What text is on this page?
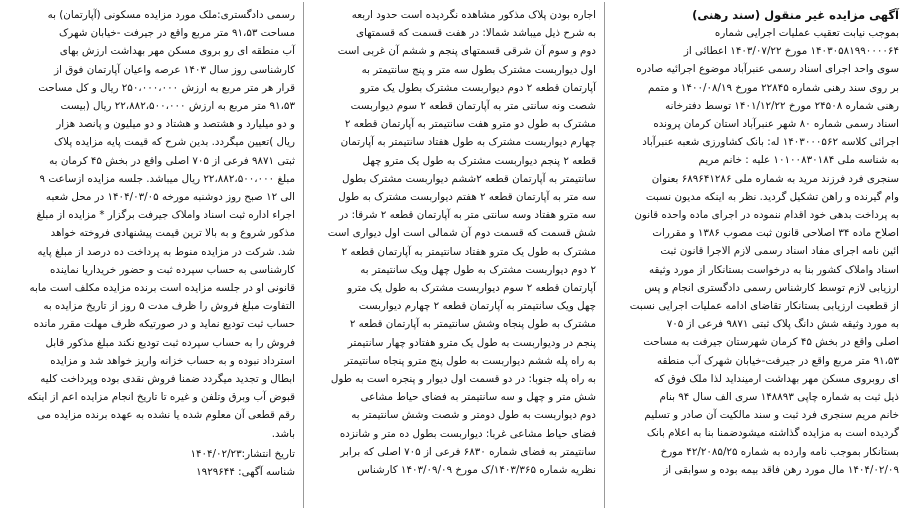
آگهی مزایده غیر منقول (سند رهنی)

بموجب نیابت تعقیب عملیات اجرایی شماره

۱۴۰۳۰۵۸۱۹۹۰۰۰۰۶۴ مورخ ۱۴۰۳/۰۷/۲۲ اعطائی از

سوی واحد اجرای اسناد رسمی عنبرآباد موضوع اجرائیه صادره

بر روی سند رهنی شماره ۲۲۸۴۵ مورخ ۱۴۰۰/۰۸/۱۹ و متمم

رهنی شماره ۲۴۵۰۸ مورخ ۱۴۰۱/۱۲/۲۲ توسط دفترخانه

اسناد رسمی شماره ۸۰ شهر عنبرآباد استان کرمان پرونده

اجرائی کلاسه ۱۴۰۳۰۰۰۵۶۲ له: بانک کشاورزی شعبه عنبرآباد

به شناسه ملی ۱۰۱۰۰۸۳۰۱۸۴ علیه : خانم مریم

سنجری فرد فرزند مرید به شماره ملی ۶۸۹۶۴۱۲۸۶ بعنوان

وام گیرنده و راهن تشکیل گردید. نظر به اینکه مدیون نسبت

به پرداخت بدهی خود اقدام ننموده در اجرای ماده واحده قانون

اصلاح ماده ۳۴ اصلاحی قانون ثبت مصوب ۱۳۸۶ و مقررات

ائین نامه اجرای مفاد اسناد رسمی لازم الاجرا قانون ثبت

اسناد واملاک کشور بنا به درخواست بستانکار از مورد وثیقه

ارزیابی لازم توسط کارشناس رسمی دادگستری انجام و پس

از قطعیت ارزیابی بستانکار تقاضای ادامه عملیات اجرایی نسبت

به مورد وثیقه شش دانگ پلاک ثبتی ۹۸۷۱ فرعی از ۷۰۵

اصلی واقع در بخش ۴۵ کرمان شهرستان جیرفت به مساحت

۹۱،۵۳ متر مربع واقع در جیرفت-خیابان شهرک آب منطقه

ای روبروی مسکن مهر بهداشت ارمینداید لذا ملک فوق که

ذیل ثبت به شماره چاپی ۱۴۸۸۹۳ سری الف سال ۹۴ بنام

خانم مریم سنجری فرد ثبت و سند مالکیت آن صادر و تسلیم

گردیده است به مزایده گذاشته میشودضمنا بنا به اعلام بانک

بستانکار بموجب نامه وارده به شماره ۴۲/۲۰۸۵/۲۵ مورخ

۱۴۰۴/۰۲/۰۹ مال مورد رهن فاقد بیمه بوده و سوابقی از

اجاره بودن پلاک مذکور مشاهده نگردیده است حدود اربعه

به شرح ذیل میباشد شمالا: در هفت قسمت که قسمتهای

دوم و سوم آن شرقی قسمتهای پنجم و ششم آن غربی است

اول دیواربست مشترک بطول سه متر و پنج سانتیمتر به

آپارتمان قطعه ۲ دوم دیواربست مشترک بطول یک مترو

شصت ونه سانتی متر به آپارتمان قطعه ۲ سوم دیواربست

مشترک به طول دو مترو هفت سانتیمتر به آپارتمان قطعه ۲

چهارم دیواربست مشترک به طول هفتاد سانتیمتر به آپارتمان

قطعه ۲ پنجم دیواربست مشترک به طول یک مترو چهل

سانتیمتر به آپارتمان قطعه ۲ششم دیواربست مشترک بطول

سه متر به آپارتمان قطعه ۲ هفتم دیواربست مشترک به طول

سه مترو هفتاد وسه سانتی متر به آپارتمان قطعه ۲ شرقا: در

شش قسمت که قسمت دوم آن شمالی است اول دیواری است

مشترک به طول یک مترو هفتاد سانتیمتر به آپارتمان قطعه ۲

۲ دوم دیواربست مشترک به طول چهل ویک سانتیمتر به

آپارتمان قطعه ۲ سوم دیواربست مشترک به طول یک مترو

چهل ویک سانتیمتر به آپارتمان قطعه ۲ چهارم دیواربست

مشترک به طول پنجاه وشش سانتیمتر به آپارتمان قطعه ۲

پنجم در ودیواربست به طول یک مترو هفتادو چهار سانتیمتر

به راه پله ششم دیواربست به طول پنج مترو پنجاه سانتیمتر

به راه پله جنوبا: در دو قسمت اول دیوار و پنجره است به طول

شش متر و چهل و سه سانتیمتر به فضای حیاط مشاعی

دوم دیواربست به طول دومتر و شصت وشش سانتیمتر به

فضای حیاط مشاعی غربا: دیواربست بطول ده متر و شانزده

سانتیمتر به فضای شماره ۶۸۳۰ فرعی از ۷۰۵ اصلی که برابر

نظریه شماره ۱۴۰۳/۳۶۵/ک مورخ ۱۴۰۳/۰۹/۰۹ کارشناس

رسمی دادگستری:ملک مورد مزایده مسکونی (آپارتمان) به

مساحت ۹۱،۵۳ متر مربع واقع در جیرفت -خیابان شهرک

آب منطقه ای رو بروی مسکن مهر بهداشت ارزش بهای

کارشناسی روز سال ۱۴۰۳ عرصه واعیان آپارتمان فوق از

قرار هر متر مربع به ارزش ۲۵۰،۰۰۰،۰۰۰ ریال و کل مساحت

۹۱،۵۳ متر مربع به ارزش ۲۲،۸۸۲،۵۰۰،۰۰۰ ریال (بیست

و دو میلیارد و هشتصد و هشتاد و دو میلیون و پانصد هزار

ریال )تعیین میگردد. بدین شرح که قیمت پایه مزایده پلاک

ثبتی ۹۸۷۱ فرعی از ۷۰۵ اصلی واقع در بخش ۴۵ کرمان به

مبلغ ۲۲،۸۸۲،۵۰۰،۰۰۰ ریال میباشد. جلسه مزایده ازساعت ۹

الی ۱۲ صبح روز دوشنبه مورخه ۱۴۰۴/۰۳/۰۵ در محل شعبه

اجراء اداره ثبت اسناد واملاک جیرفت برگزار * مزایده از مبلغ

مذکور شروع و به بالا ترین قیمت پیشنهادی فروخته خواهد

شد. شرکت در مزایده منوط به پرداخت ده درصد از مبلغ پایه

کارشناسی به حساب سپرده ثبت و حضور خریداریا نماینده

قانونی او در جلسه مزایده است برنده مزایده مکلف است مابه

التفاوت مبلغ فروش را ظرف مدت ۵ روز از تاریخ مزایده به

حساب ثبت تودیع نماید و در صورتیکه ظرف مهلت مقرر مانده

فروش را به حساب سپرده ثبت تودیع نکند مبلغ مذکور قابل

استرداد نبوده و به حساب خزانه واریز خواهد شد و مزایده

ابطال و تجدید میگردد ضمنا فروش نقدی بوده وپرداخت کلیه

قبوض آب وبرق وتلفن و غیره تا تاریخ انجام مزایده اعم از اینکه

رقم قطعی آن معلوم شده یا نشده به عهده برنده مزایده می

باشد.

تاریخ انتشار:۱۴۰۴/۰۲/۲۳
شناسه آگهی: ۱۹۲۹۶۴۴
